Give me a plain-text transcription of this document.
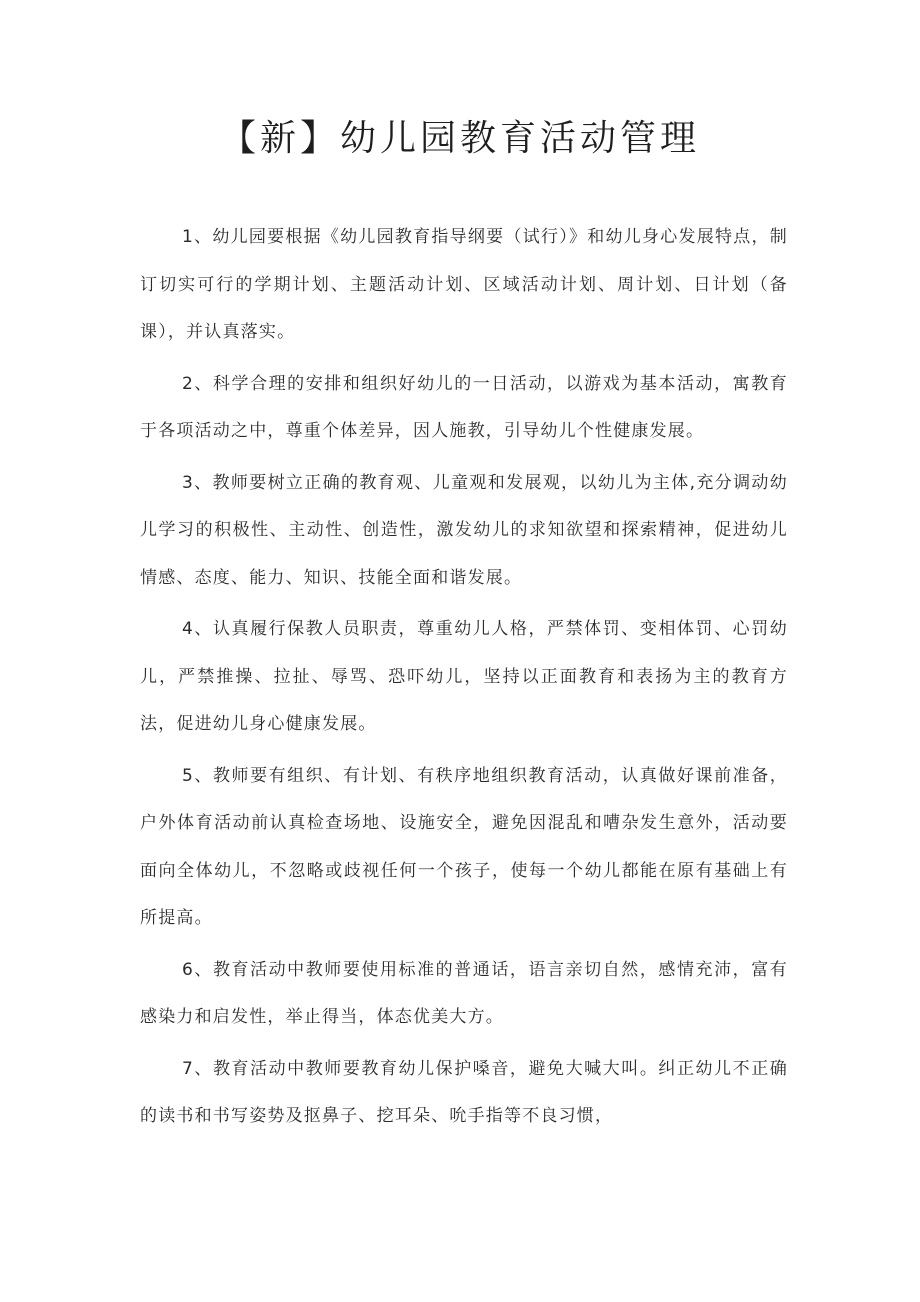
【新】幼儿园教育活动管理

1、幼儿园要根据《幼儿园教育指导纲要（试行）》和幼儿身心发展特点，制订切实可行的学期计划、主题活动计划、区域活动计划、周计划、日计划（备课），并认真落实。

2、科学合理的安排和组织好幼儿的一日活动，以游戏为基本活动，寓教育于各项活动之中，尊重个体差异，因人施教，引导幼儿个性健康发展。

3、教师要树立正确的教育观、儿童观和发展观，以幼儿为主体,充分调动幼儿学习的积极性、主动性、创造性，激发幼儿的求知欲望和探索精神，促进幼儿情感、态度、能力、知识、技能全面和谐发展。

4、认真履行保教人员职责，尊重幼儿人格，严禁体罚、变相体罚、心罚幼儿，严禁推操、拉扯、辱骂、恐吓幼儿，坚持以正面教育和表扬为主的教育方法，促进幼儿身心健康发展。

5、教师要有组织、有计划、有秩序地组织教育活动，认真做好课前准备，户外体育活动前认真检查场地、设施安全，避免因混乱和嘈杂发生意外，活动要面向全体幼儿，不忽略或歧视任何一个孩子，使每一个幼儿都能在原有基础上有所提高。

6、教育活动中教师要使用标准的普通话，语言亲切自然，感情充沛，富有感染力和启发性，举止得当，体态优美大方。

7、教育活动中教师要教育幼儿保护嗓音，避免大喊大叫。纠正幼儿不正确的读书和书写姿势及抠鼻子、挖耳朵、吮手指等不良习惯，
